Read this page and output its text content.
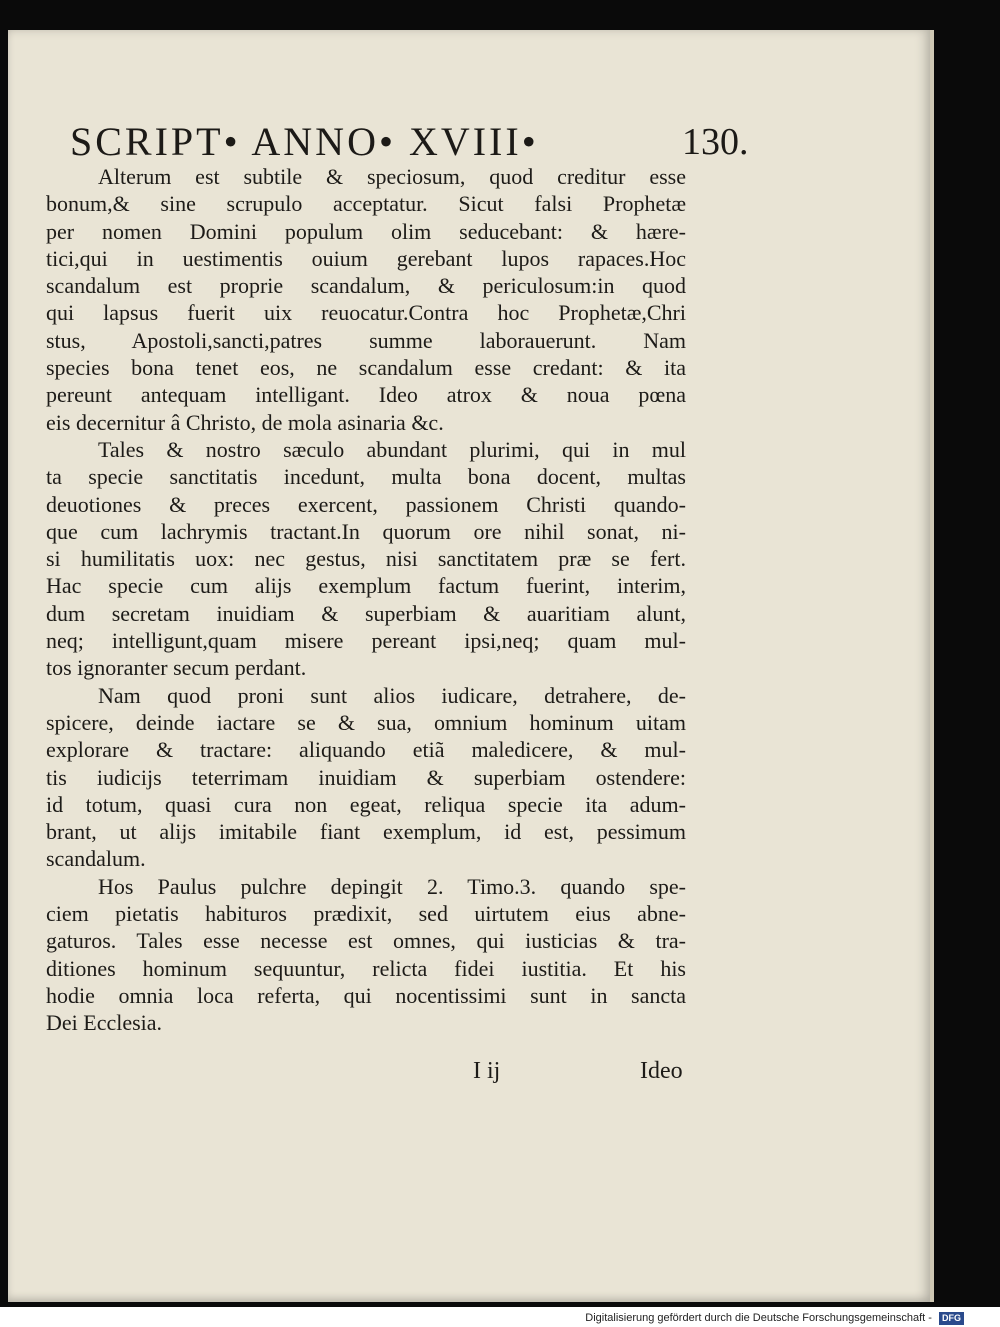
SCRIPT• ANNO• XVIII•	130.
Alterum est subtile & speciosum, quod creditur esse
bonum,& sine scrupulo acceptatur. Sicut falsi Prophetæ
per nomen Domini populum olim seducebant: & hære-
tici,qui in uestimentis ouium gerebant lupos rapaces.Hoc
scandalum est proprie scandalum, & periculosum:in quod
qui lapsus fuerit uix reuocatur.Contra hoc Prophetæ,Chri
stus, Apostoli,sancti,patres summe laborauerunt. Nam
species bona tenet eos, ne scandalum esse credant: & ita
pereunt antequam intelligant. Ideo atrox & noua pœna
eis decernitur â Christo, de mola asinaria &c.
Tales & nostro sæculo abundant plurimi, qui in mul
ta specie sanctitatis incedunt, multa bona docent, multas
deuotiones & preces exercent, passionem Christi quando-
que cum lachrymis tractant.In quorum ore nihil sonat, ni-
si humilitatis uox: nec gestus, nisi sanctitatem præ se fert.
Hac specie cum alijs exemplum factum fuerint, interim,
dum secretam inuidiam & superbiam & auaritiam alunt,
neq; intelligunt,quam misere pereant ipsi,neq; quam mul-
tos ignoranter secum perdant.
Nam quod proni sunt alios iudicare, detrahere, de-
spicere, deinde iactare se & sua, omnium hominum uitam
explorare & tractare: aliquando etiã maledicere, & mul-
tis iudicijs teterrimam inuidiam & superbiam ostendere:
id totum, quasi cura non egeat, reliqua specie ita adum-
brant, ut alijs imitabile fiant exemplum, id est, pessimum
scandalum.
Hos Paulus pulchre depingit 2. Timo.3. quando spe-
ciem pietatis habituros prædixit, sed uirtutem eius abne-
gaturos. Tales esse necesse est omnes, qui iusticias & tra-
ditiones hominum sequuntur, relicta fidei iustitia. Et his
hodie omnia loca referta, qui nocentissimi sunt in sancta
Dei Ecclesia.
I ij	Ideo
Digitalisierung gefördert durch die Deutsche Forschungsgemeinschaft - DFG
